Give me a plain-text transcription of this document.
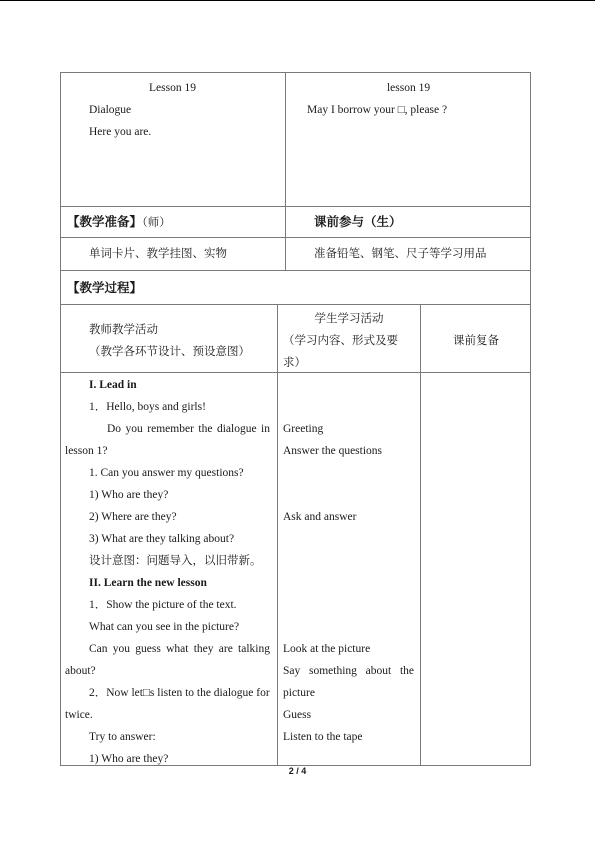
Lesson 19
Dialogue
Here you are.
lesson 19
May I borrow your □, please ?
【教学准备】（师）	课前参与（生）
单词卡片、教学挂图、实物	准备铅笔、钢笔、尺子等学习用品
【教学过程】
教师教学活动
（教学各环节设计、预设意图）
学生学习活动
（学习内容、形式及要
求）
课前复备
I. Lead in
1．Hello, boys and girls!
Do you remember the dialogue in
lesson 1?
1. Can you answer my questions?
1) Who are they?
2) Where are they?
3) What are they talking about?
设计意图：问题导入，以旧带新。
II. Learn the new lesson
1．Show the picture of the text.
What can you see in the picture?
Can you guess what they are talking
about?
2．Now let□s listen to the dialogue for
twice.
Try to answer:
1) Who are they?
Greeting
Answer the questions
Ask and answer
Look at the picture
Say something about the
picture
Guess
Listen to the tape
2 / 4
